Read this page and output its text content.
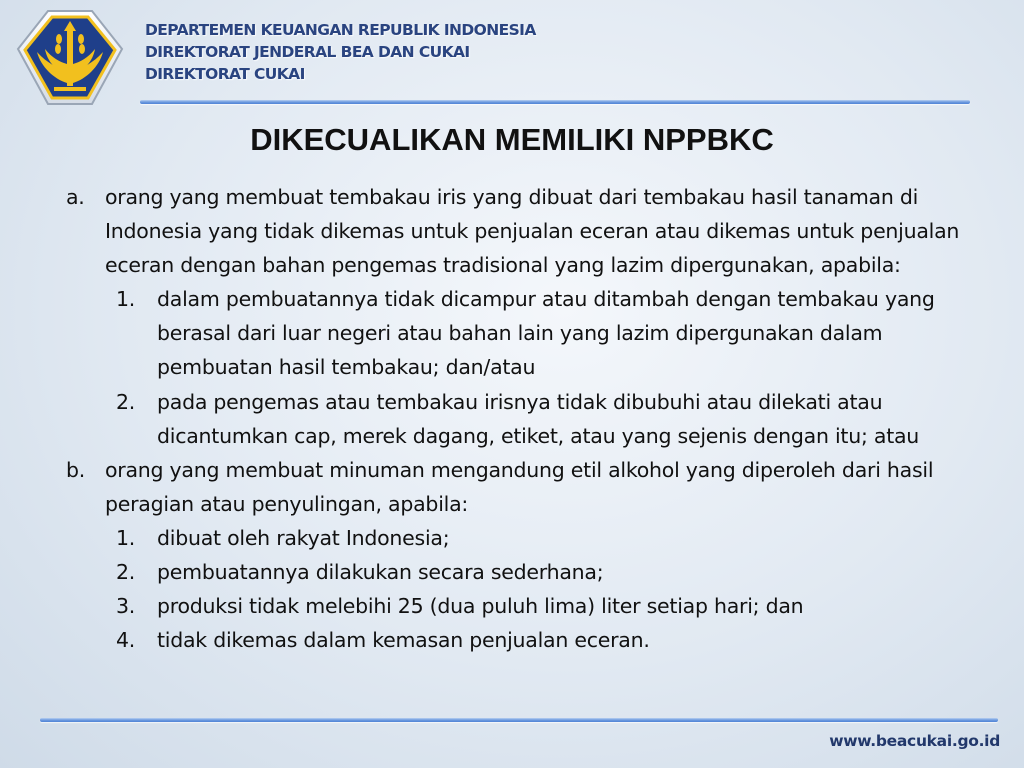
DEPARTEMEN KEUANGAN REPUBLIK INDONESIA
DIREKTORAT JENDERAL BEA DAN CUKAI
DIREKTORAT CUKAI
DIKECUALIKAN MEMILIKI NPPBKC
a. orang yang membuat tembakau iris yang dibuat dari tembakau hasil tanaman di Indonesia yang tidak dikemas untuk penjualan eceran atau dikemas untuk penjualan eceran dengan bahan pengemas tradisional yang lazim dipergunakan, apabila:
1.	dalam pembuatannya tidak dicampur atau ditambah dengan tembakau yang berasal dari luar negeri atau bahan lain yang lazim dipergunakan dalam pembuatan hasil tembakau; dan/atau
2.	pada pengemas atau tembakau irisnya tidak dibubuhi atau dilekati atau dicantumkan cap, merek dagang, etiket, atau yang sejenis dengan itu; atau
b. orang yang membuat minuman mengandung etil alkohol yang diperoleh dari hasil peragian atau penyulingan, apabila:
1.	dibuat oleh rakyat Indonesia;
2.	pembuatannya dilakukan secara sederhana;
3.	produksi tidak melebihi 25 (dua puluh lima) liter setiap hari; dan
4.	tidak dikemas dalam kemasan penjualan eceran.
www.beacukai.go.id
